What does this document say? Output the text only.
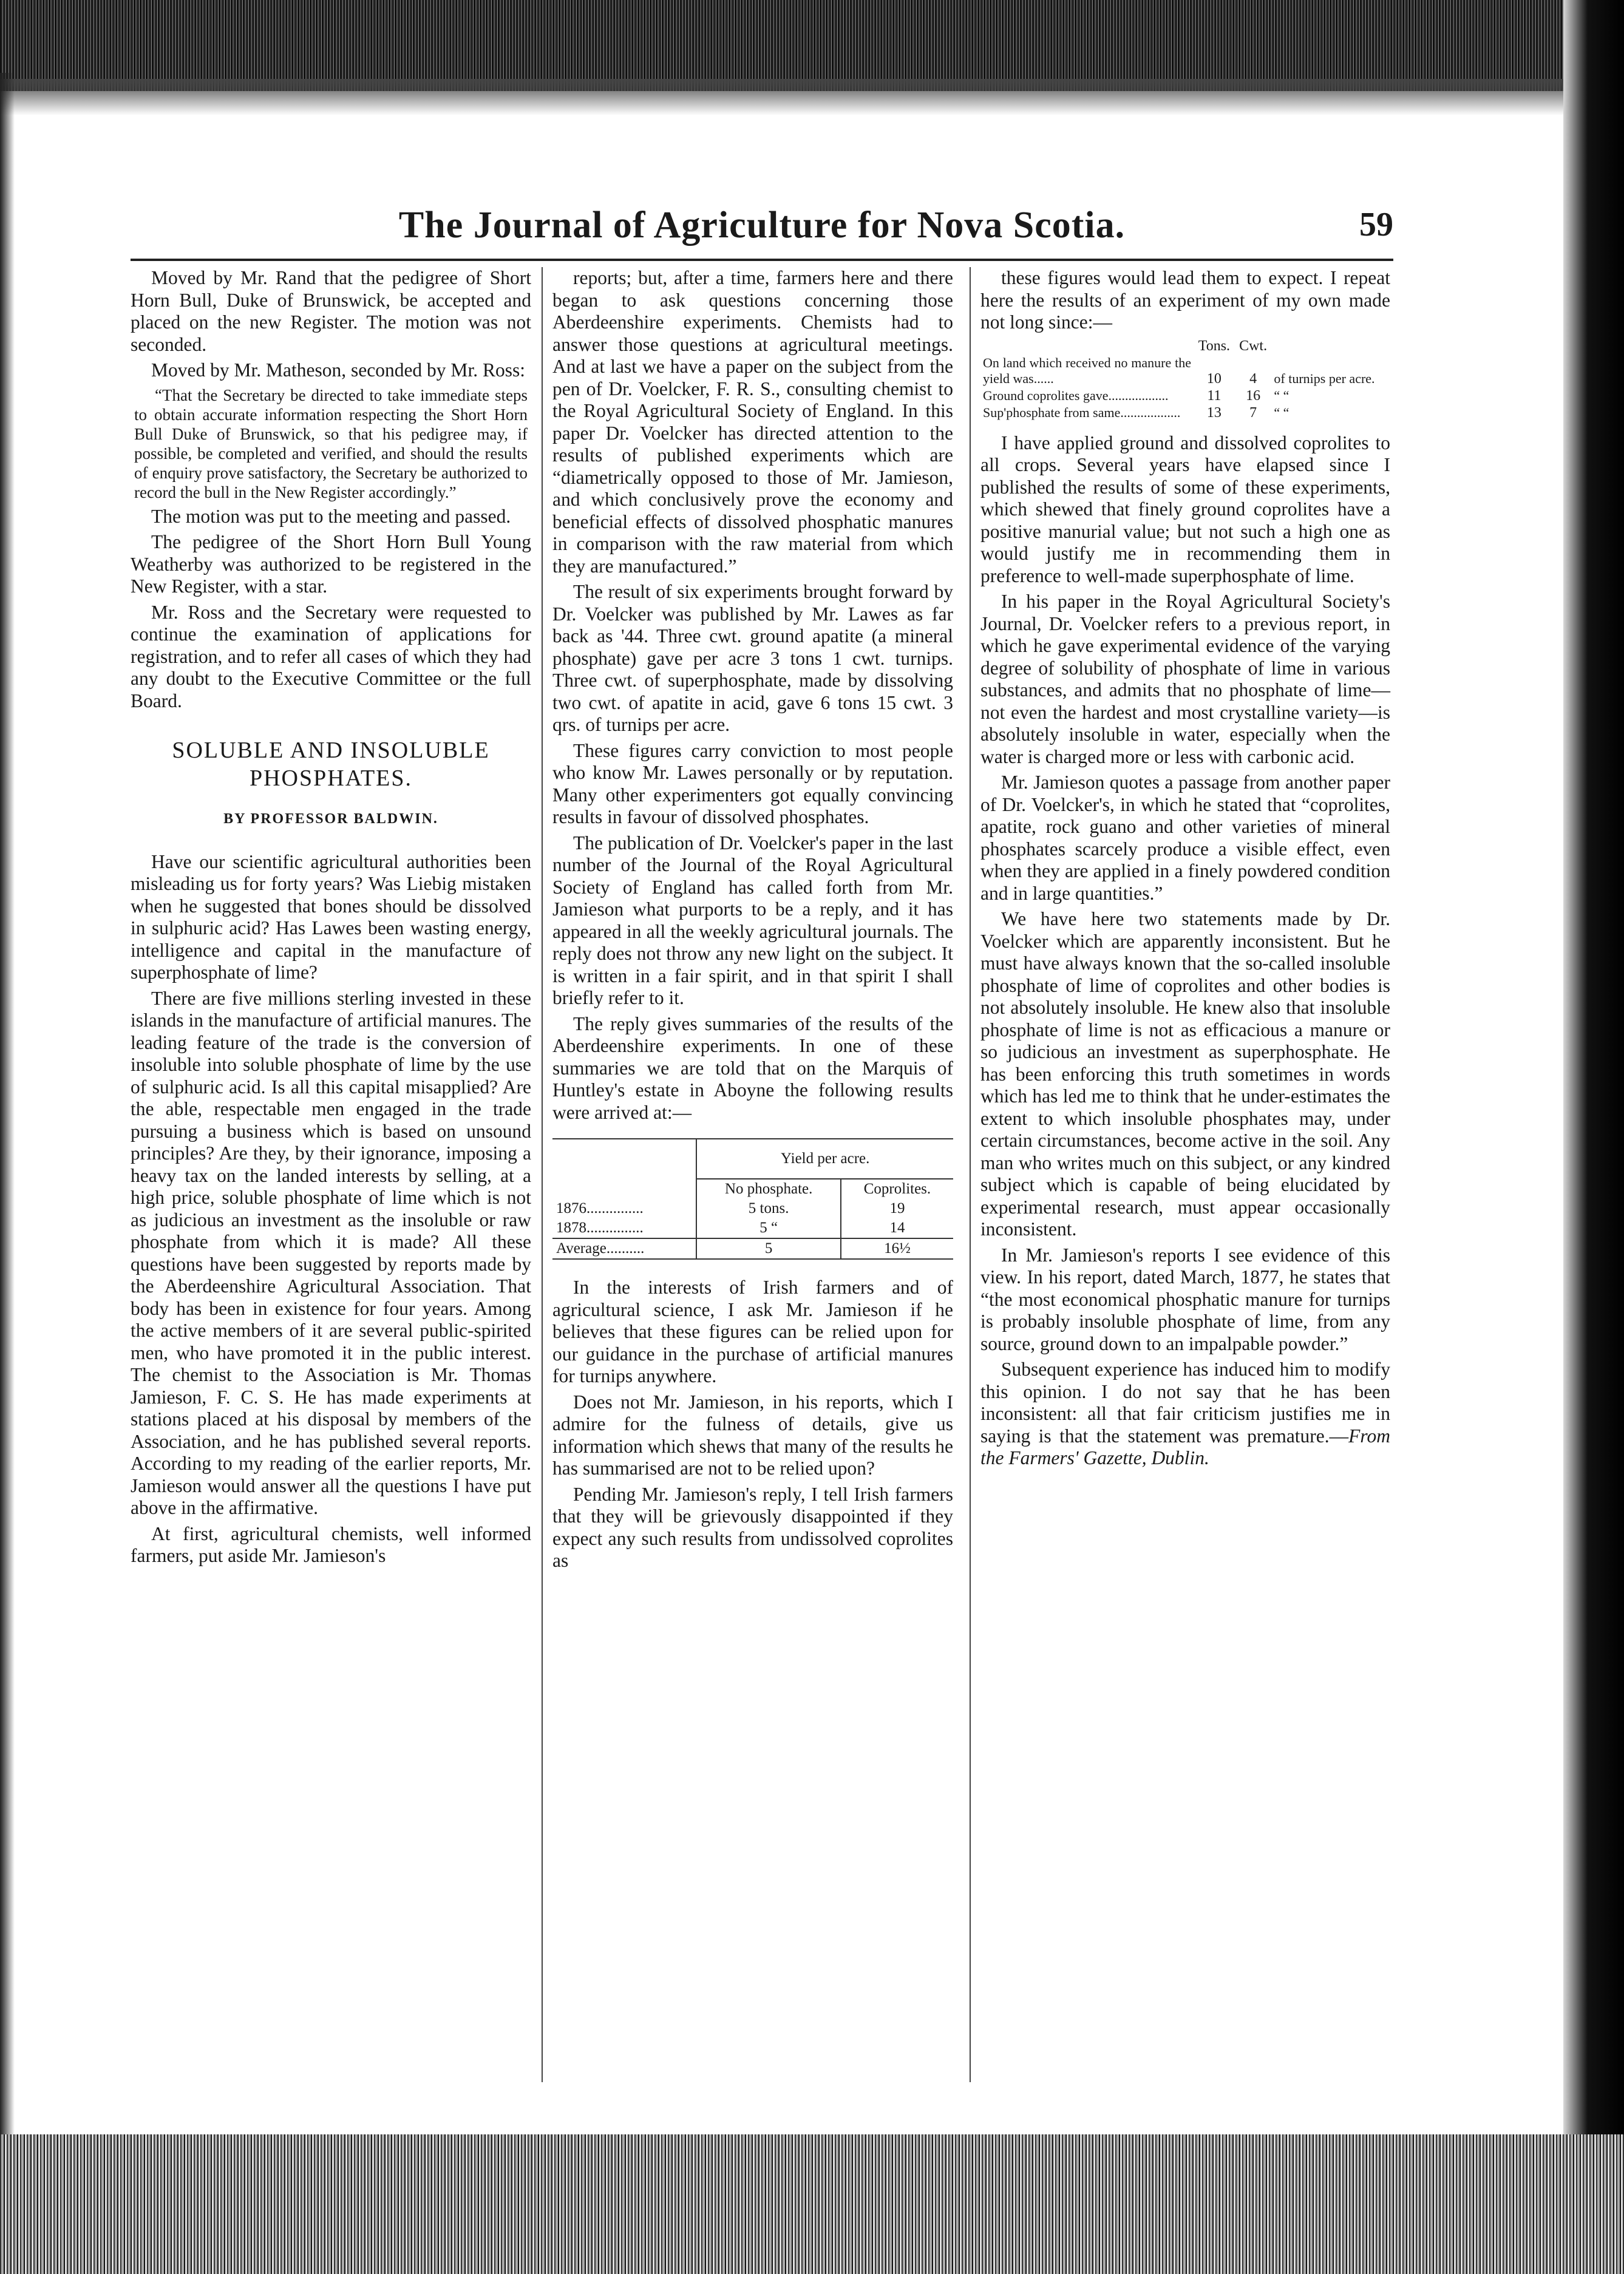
The Journal of Agriculture for Nova Scotia.	59

Moved by Mr. Rand that the pedigree of Short Horn Bull, Duke of Brunswick, be accepted and placed on the new Register. The motion was not seconded.

Moved by Mr. Matheson, seconded by Mr. Ross:

“That the Secretary be directed to take immediate steps to obtain accurate information respecting the Short Horn Bull Duke of Brunswick, so that his pedigree may, if possible, be completed and verified, and should the results of enquiry prove satisfactory, the Secretary be authorized to record the bull in the New Register accordingly.”

The motion was put to the meeting and passed.

The pedigree of the Short Horn Bull Young Weatherby was authorized to be registered in the New Register, with a star.

Mr. Ross and the Secretary were requested to continue the examination of applications for registration, and to refer all cases of which they had any doubt to the Executive Committee or the full Board.

SOLUBLE AND INSOLUBLE
PHOSPHATES.
BY PROFESSOR BALDWIN.

Have our scientific agricultural authorities been misleading us for forty years? Was Liebig mistaken when he suggested that bones should be dissolved in sulphuric acid? Has Lawes been wasting energy, intelligence and capital in the manufacture of superphosphate of lime?

There are five millions sterling invested in these islands in the manufacture of artificial manures. The leading feature of the trade is the conversion of insoluble into soluble phosphate of lime by the use of sulphuric acid. Is all this capital misapplied? Are the able, respectable men engaged in the trade pursuing a business which is based on unsound principles? Are they, by their ignorance, imposing a heavy tax on the landed interests by selling, at a high price, soluble phosphate of lime which is not as judicious an investment as the insoluble or raw phosphate from which it is made? All these questions have been suggested by reports made by the Aberdeenshire Agricultural Association. That body has been in existence for four years. Among the active members of it are several public-spirited men, who have promoted it in the public interest. The chemist to the Association is Mr. Thomas Jamieson, F. C. S. He has made experiments at stations placed at his disposal by members of the Association, and he has published several reports. According to my reading of the earlier reports, Mr. Jamieson would answer all the questions I have put above in the affirmative.

At first, agricultural chemists, well informed farmers, put aside Mr. Jamieson's

reports; but, after a time, farmers here and there began to ask questions concerning those Aberdeenshire experiments. Chemists had to answer those questions at agricultural meetings. And at last we have a paper on the subject from the pen of Dr. Voelcker, F. R. S., consulting chemist to the Royal Agricultural Society of England. In this paper Dr. Voelcker has directed attention to the results of published experiments which are “diametrically opposed to those of Mr. Jamieson, and which conclusively prove the economy and beneficial effects of dissolved phosphatic manures in comparison with the raw material from which they are manufactured.”

The result of six experiments brought forward by Dr. Voelcker was published by Mr. Lawes as far back as '44. Three cwt. ground apatite (a mineral phosphate) gave per acre 3 tons 1 cwt. turnips. Three cwt. of superphosphate, made by dissolving two cwt. of apatite in acid, gave 6 tons 15 cwt. 3 qrs. of turnips per acre.

These figures carry conviction to most people who know Mr. Lawes personally or by reputation. Many other experimenters got equally convincing results in favour of dissolved phosphates.

The publication of Dr. Voelcker's paper in the last number of the Journal of the Royal Agricultural Society of England has called forth from Mr. Jamieson what purports to be a reply, and it has appeared in all the weekly agricultural journals. The reply does not throw any new light on the subject. It is written in a fair spirit, and in that spirit I shall briefly refer to it.

The reply gives summaries of the results of the Aberdeenshire experiments. In one of these summaries we are told that on the Marquis of Huntley's estate in Aboyne the following results were arrived at:—

	Yield per acre.	
	No phosphate.	Coprolites.
1876...............	5 tons.	19
1878...............	5 “	14
Average..........	5	16½

In the interests of Irish farmers and of agricultural science, I ask Mr. Jamieson if he believes that these figures can be relied upon for our guidance in the purchase of artificial manures for turnips anywhere.

Does not Mr. Jamieson, in his reports, which I admire for the fulness of details, give us information which shews that many of the results he has summarised are not to be relied upon?

Pending Mr. Jamieson's reply, I tell Irish farmers that they will be grievously disappointed if they expect any such results from undissolved coprolites as

these figures would lead them to expect. I repeat here the results of an experiment of my own made not long since:—

	Tons.	Cwt.	
On land which received no manure the yield was......	10	4	of turnips per acre.
Ground coprolites gave..................	11	16	“ “
Sup'phosphate from same..................	13	7	“ “

I have applied ground and dissolved coprolites to all crops. Several years have elapsed since I published the results of some of these experiments, which shewed that finely ground coprolites have a positive manurial value; but not such a high one as would justify me in recommending them in preference to well-made superphosphate of lime.

In his paper in the Royal Agricultural Society's Journal, Dr. Voelcker refers to a previous report, in which he gave experimental evidence of the varying degree of solubility of phosphate of lime in various substances, and admits that no phosphate of lime—not even the hardest and most crystalline variety—is absolutely insoluble in water, especially when the water is charged more or less with carbonic acid.

Mr. Jamieson quotes a passage from another paper of Dr. Voelcker's, in which he stated that “coprolites, apatite, rock guano and other varieties of mineral phosphates scarcely produce a visible effect, even when they are applied in a finely powdered condition and in large quantities.”

We have here two statements made by Dr. Voelcker which are apparently inconsistent. But he must have always known that the so-called insoluble phosphate of lime of coprolites and other bodies is not absolutely insoluble. He knew also that insoluble phosphate of lime is not as efficacious a manure or so judicious an investment as superphosphate. He has been enforcing this truth sometimes in words which has led me to think that he under-estimates the extent to which insoluble phosphates may, under certain circumstances, become active in the soil. Any man who writes much on this subject, or any kindred subject which is capable of being elucidated by experimental research, must appear occasionally inconsistent.

In Mr. Jamieson's reports I see evidence of this view. In his report, dated March, 1877, he states that “the most economical phosphatic manure for turnips is probably insoluble phosphate of lime, from any source, ground down to an impalpable powder.”

Subsequent experience has induced him to modify this opinion. I do not say that he has been inconsistent: all that fair criticism justifies me in saying is that the statement was premature.—From the Farmers' Gazette, Dublin.
